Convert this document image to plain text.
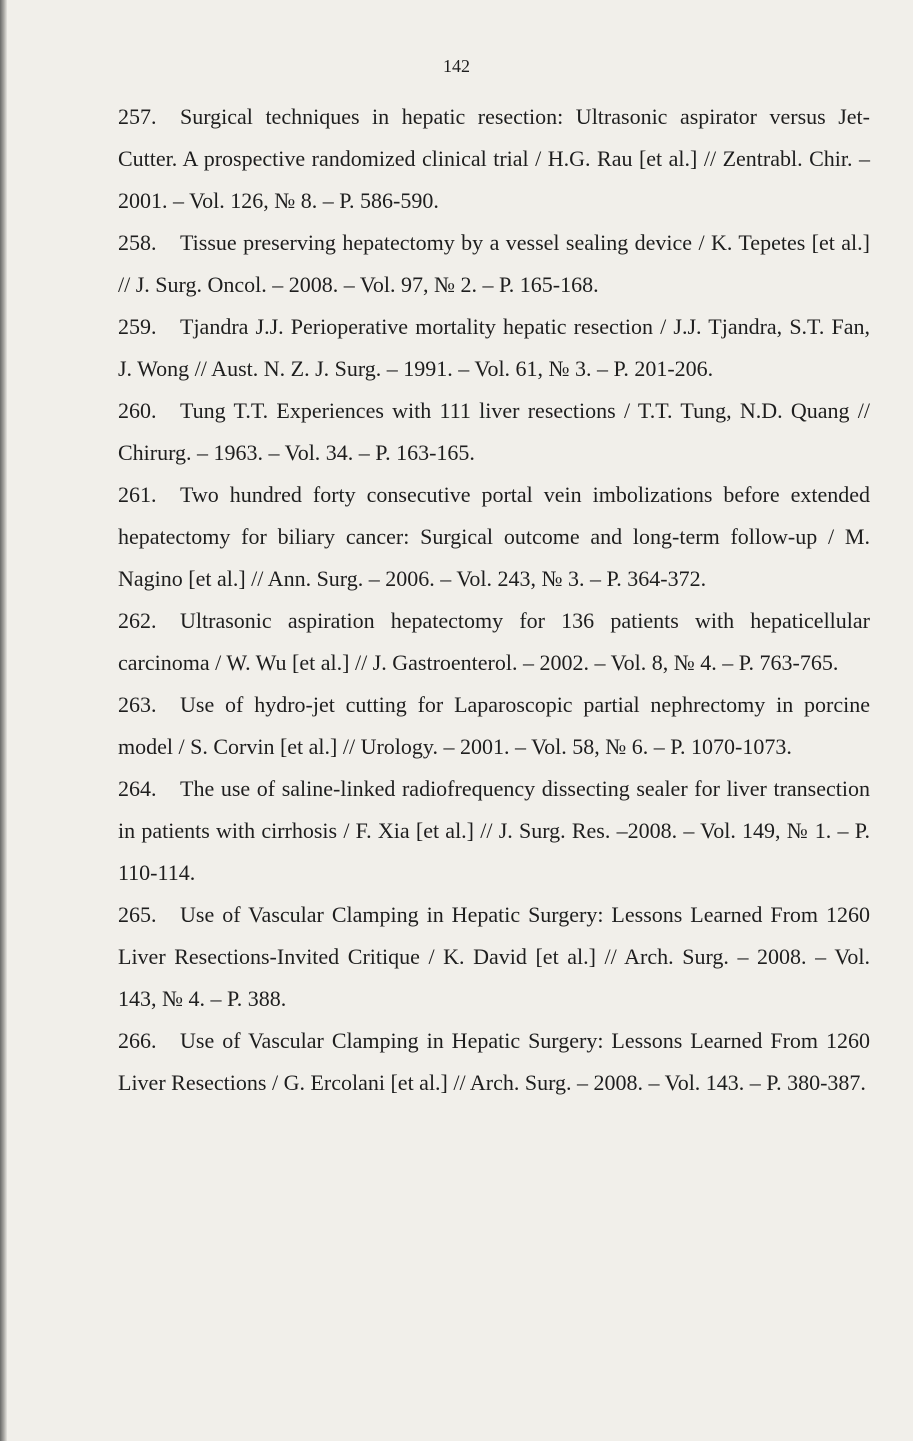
142
257.	Surgical techniques in hepatic resection: Ultrasonic aspirator versus Jet-Cutter. A prospective randomized clinical trial / H.G. Rau [et al.] // Zentrabl. Chir. – 2001. – Vol. 126, № 8. – P. 586-590.
258.	Tissue preserving hepatectomy by a vessel sealing device / K. Tepetes [et al.] // J. Surg. Oncol. – 2008. – Vol. 97, № 2. – P. 165-168.
259.	Tjandra J.J. Perioperative mortality hepatic resection / J.J. Tjandra, S.T. Fan, J. Wong // Aust. N. Z. J. Surg. – 1991. – Vol. 61, № 3. – P. 201-206.
260.	Tung T.T. Experiences with 111 liver resections / T.T. Tung, N.D. Quang // Chirurg. – 1963. – Vol. 34. – P. 163-165.
261.	Two hundred forty consecutive portal vein imbolizations before extended hepatectomy for biliary cancer: Surgical outcome and long-term follow-up / M. Nagino [et al.] // Ann. Surg. – 2006. – Vol. 243, № 3. – P. 364-372.
262.	Ultrasonic aspiration hepatectomy for 136 patients with hepaticellular carcinoma / W. Wu [et al.] // J. Gastroenterol. – 2002. – Vol. 8, № 4. – P. 763-765.
263.	Use of hydro-jet cutting for Laparoscopic partial nephrectomy in porcine model / S. Corvin [et al.] // Urology. – 2001. – Vol. 58, № 6. – P. 1070-1073.
264.	The use of saline-linked radiofrequency dissecting sealer for liver transection in patients with cirrhosis / F. Xia [et al.] // J. Surg. Res. –2008. – Vol. 149, № 1. – P. 110-114.
265.	Use of Vascular Clamping in Hepatic Surgery: Lessons Learned From 1260 Liver Resections-Invited Critique / K. David [et al.] // Arch. Surg. – 2008. – Vol. 143, № 4. – P. 388.
266.	Use of Vascular Clamping in Hepatic Surgery: Lessons Learned From 1260 Liver Resections / G. Ercolani [et al.] // Arch. Surg. – 2008. – Vol. 143. – P. 380-387.
